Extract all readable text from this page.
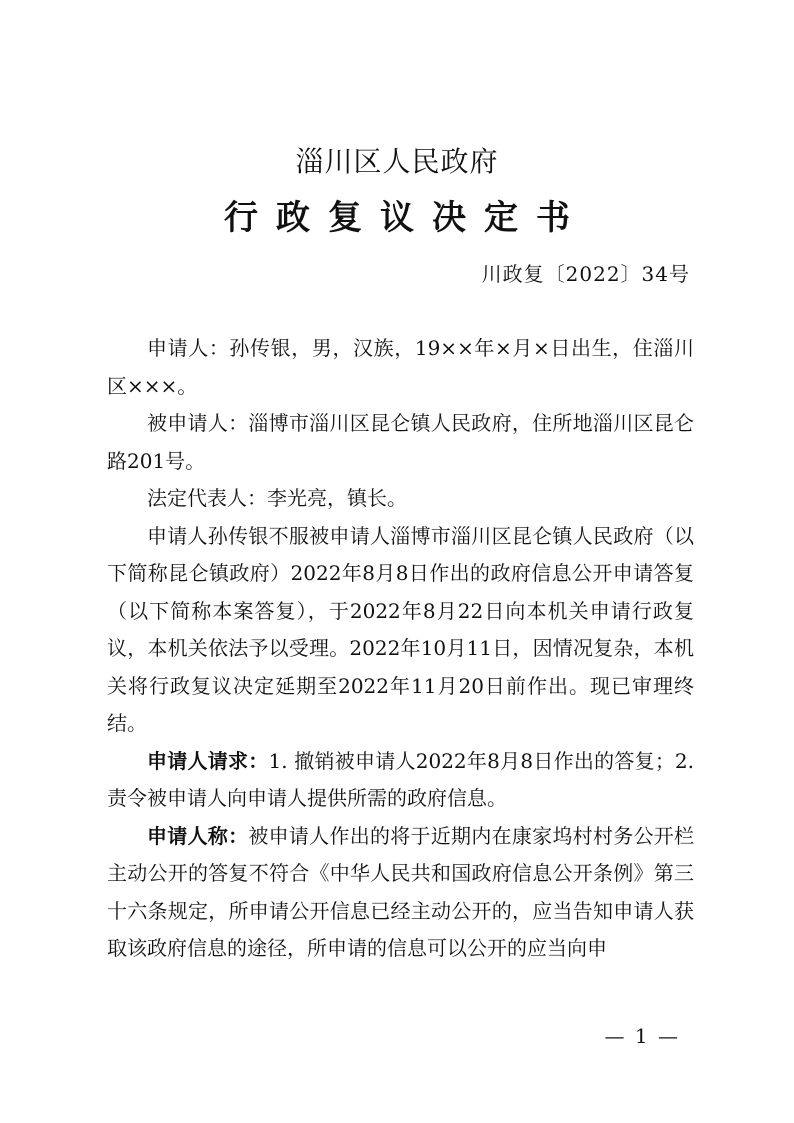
淄川区人民政府
行政复议决定书
川政复〔2022〕34号

申请人：孙传银，男，汉族，19××年×月×日出生，住淄川区×××。

被申请人：淄博市淄川区昆仑镇人民政府，住所地淄川区昆仑路201号。

法定代表人：李光亮，镇长。

申请人孙传银不服被申请人淄博市淄川区昆仑镇人民政府（以下简称昆仑镇政府）2022年8月8日作出的政府信息公开申请答复（以下简称本案答复），于2022年8月22日向本机关申请行政复议，本机关依法予以受理。2022年10月11日，因情况复杂，本机关将行政复议决定延期至2022年11月20日前作出。现已审理终结。

申请人请求：1. 撤销被申请人2022年8月8日作出的答复；2. 责令被申请人向申请人提供所需的政府信息。

申请人称：被申请人作出的将于近期内在康家坞村村务公开栏主动公开的答复不符合《中华人民共和国政府信息公开条例》第三十六条规定，所申请公开信息已经主动公开的，应当告知申请人获取该政府信息的途径，所申请的信息可以公开的应当向申

— 1 —
